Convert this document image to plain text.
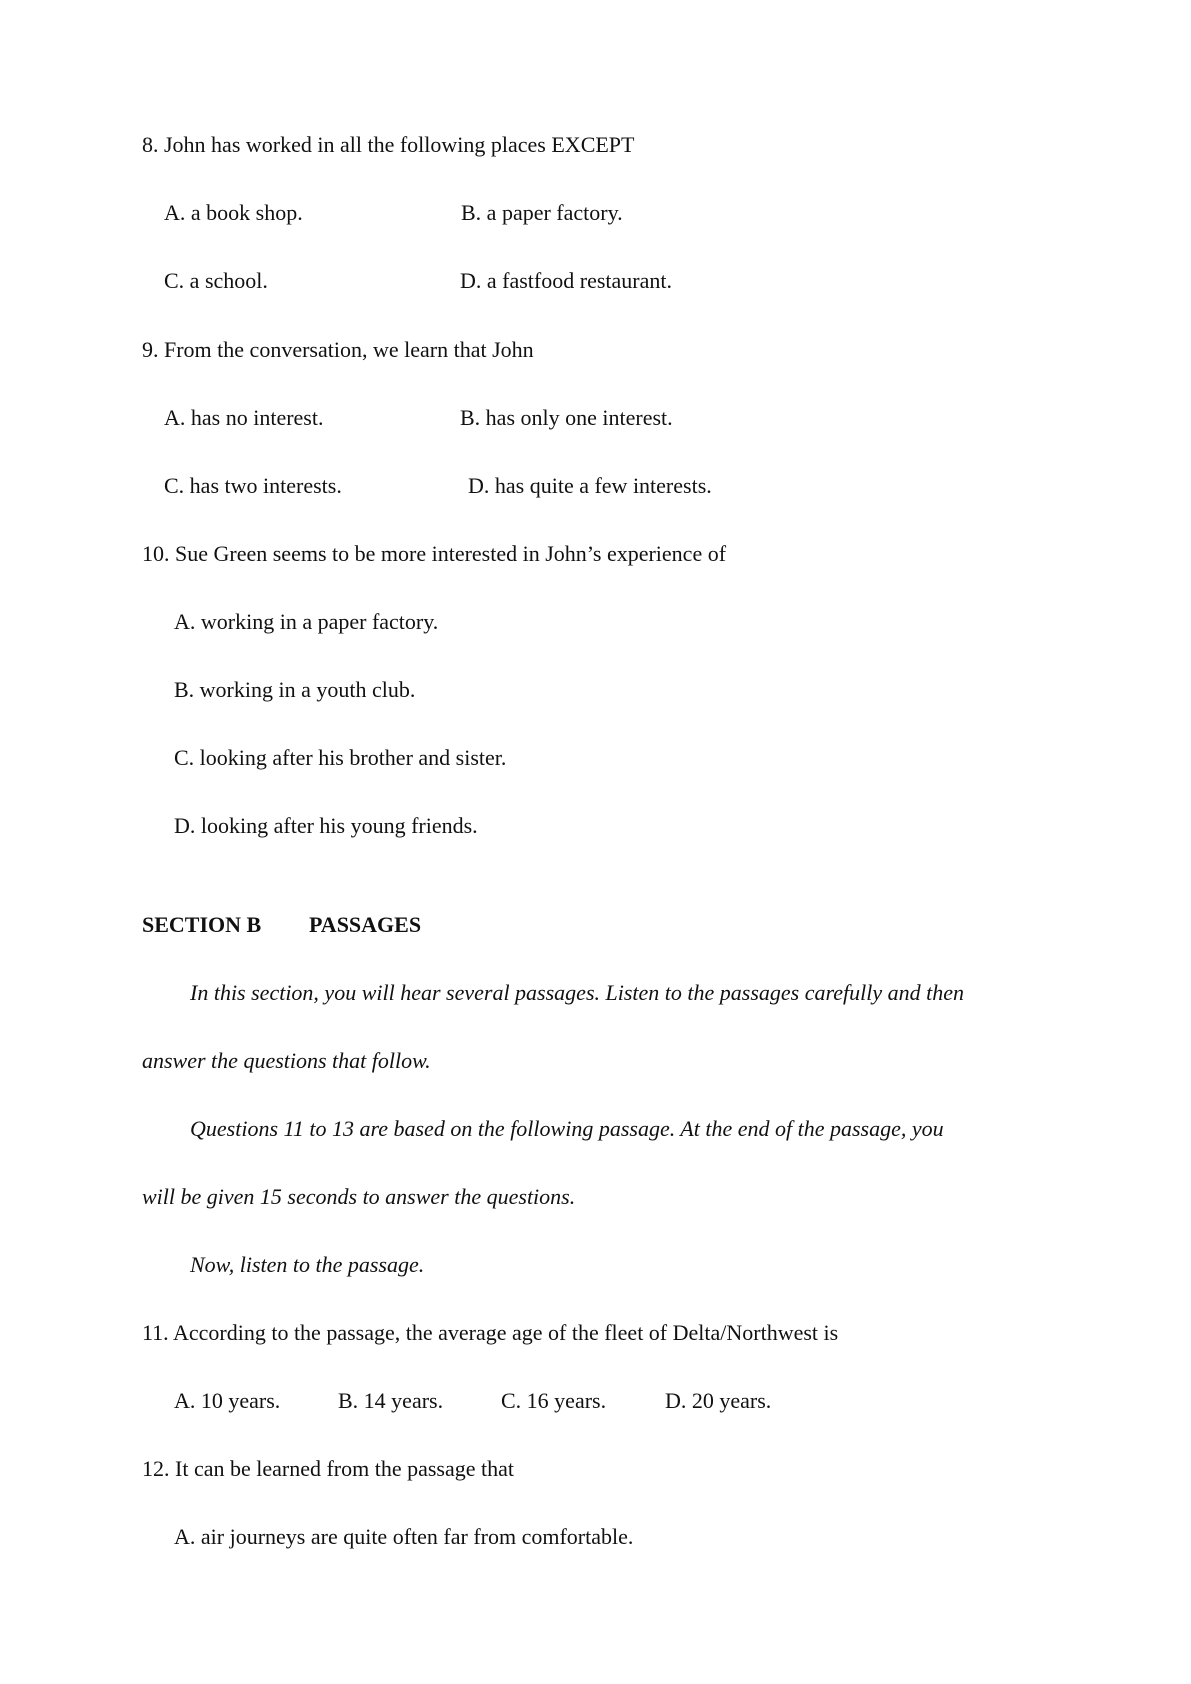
8. John has worked in all the following places EXCEPT
A. a book shop.	B. a paper factory.
C. a school.	D. a fastfood restaurant.
9. From the conversation, we learn that John
A. has no interest.	B. has only one interest.
C. has two interests.	D. has quite a few interests.
10. Sue Green seems to be more interested in John’s experience of
A. working in a paper factory.
B. working in a youth club.
C. looking after his brother and sister.
D. looking after his young friends.
SECTION B PASSAGES
In this section, you will hear several passages. Listen to the passages carefully and then
answer the questions that follow.
Questions 11 to 13 are based on the following passage. At the end of the passage, you
will be given 15 seconds to answer the questions.
Now, listen to the passage.
11. According to the passage, the average age of the fleet of Delta/Northwest is
A. 10 years.	B. 14 years.	C. 16 years.	D. 20 years.
12. It can be learned from the passage that
A. air journeys are quite often far from comfortable.
